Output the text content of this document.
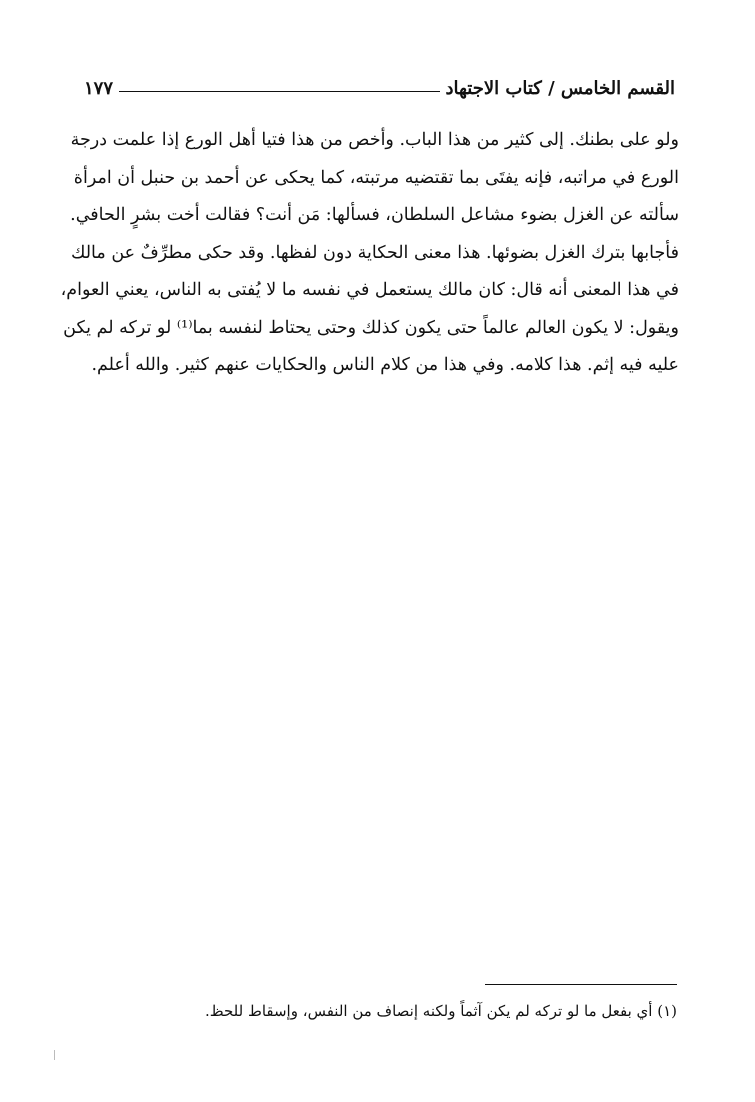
القسم الخامس / كتاب الاجتهاد
١٧٧
ولو على بطنك. إلى كثير من هذا الباب. وأخص من هذا فتيا أهل الورع إذا علمت درجة
الورع في مراتبه، فإنه يفتَى بما تقتضيه مرتبته، كما يحكى عن أحمد بن حنبل أن امرأة
سألته عن الغزل بضوء مشاعل السلطان، فسألها: مَن أنت؟ فقالت أخت بشرٍ الحافي.
فأجابها بترك الغزل بضوئها. هذا معنى الحكاية دون لفظها. وقد حكى مطرِّفٌ عن مالك
في هذا المعنى أنه قال: كان مالك يستعمل في نفسه ما لا يُفتى به الناس، يعني العوام،
ويقول: لا يكون العالم عالماً حتى يكون كذلك وحتى يحتاط لنفسه بما⁽¹⁾ لو تركه لم يكن
عليه فيه إثم. هذا كلامه. وفي هذا من كلام الناس والحكايات عنهم كثير. والله أعلم.
(١) أي بفعل ما لو تركه لم يكن آثماً ولكنه إنصاف من النفس، وإسقاط للحظ.
